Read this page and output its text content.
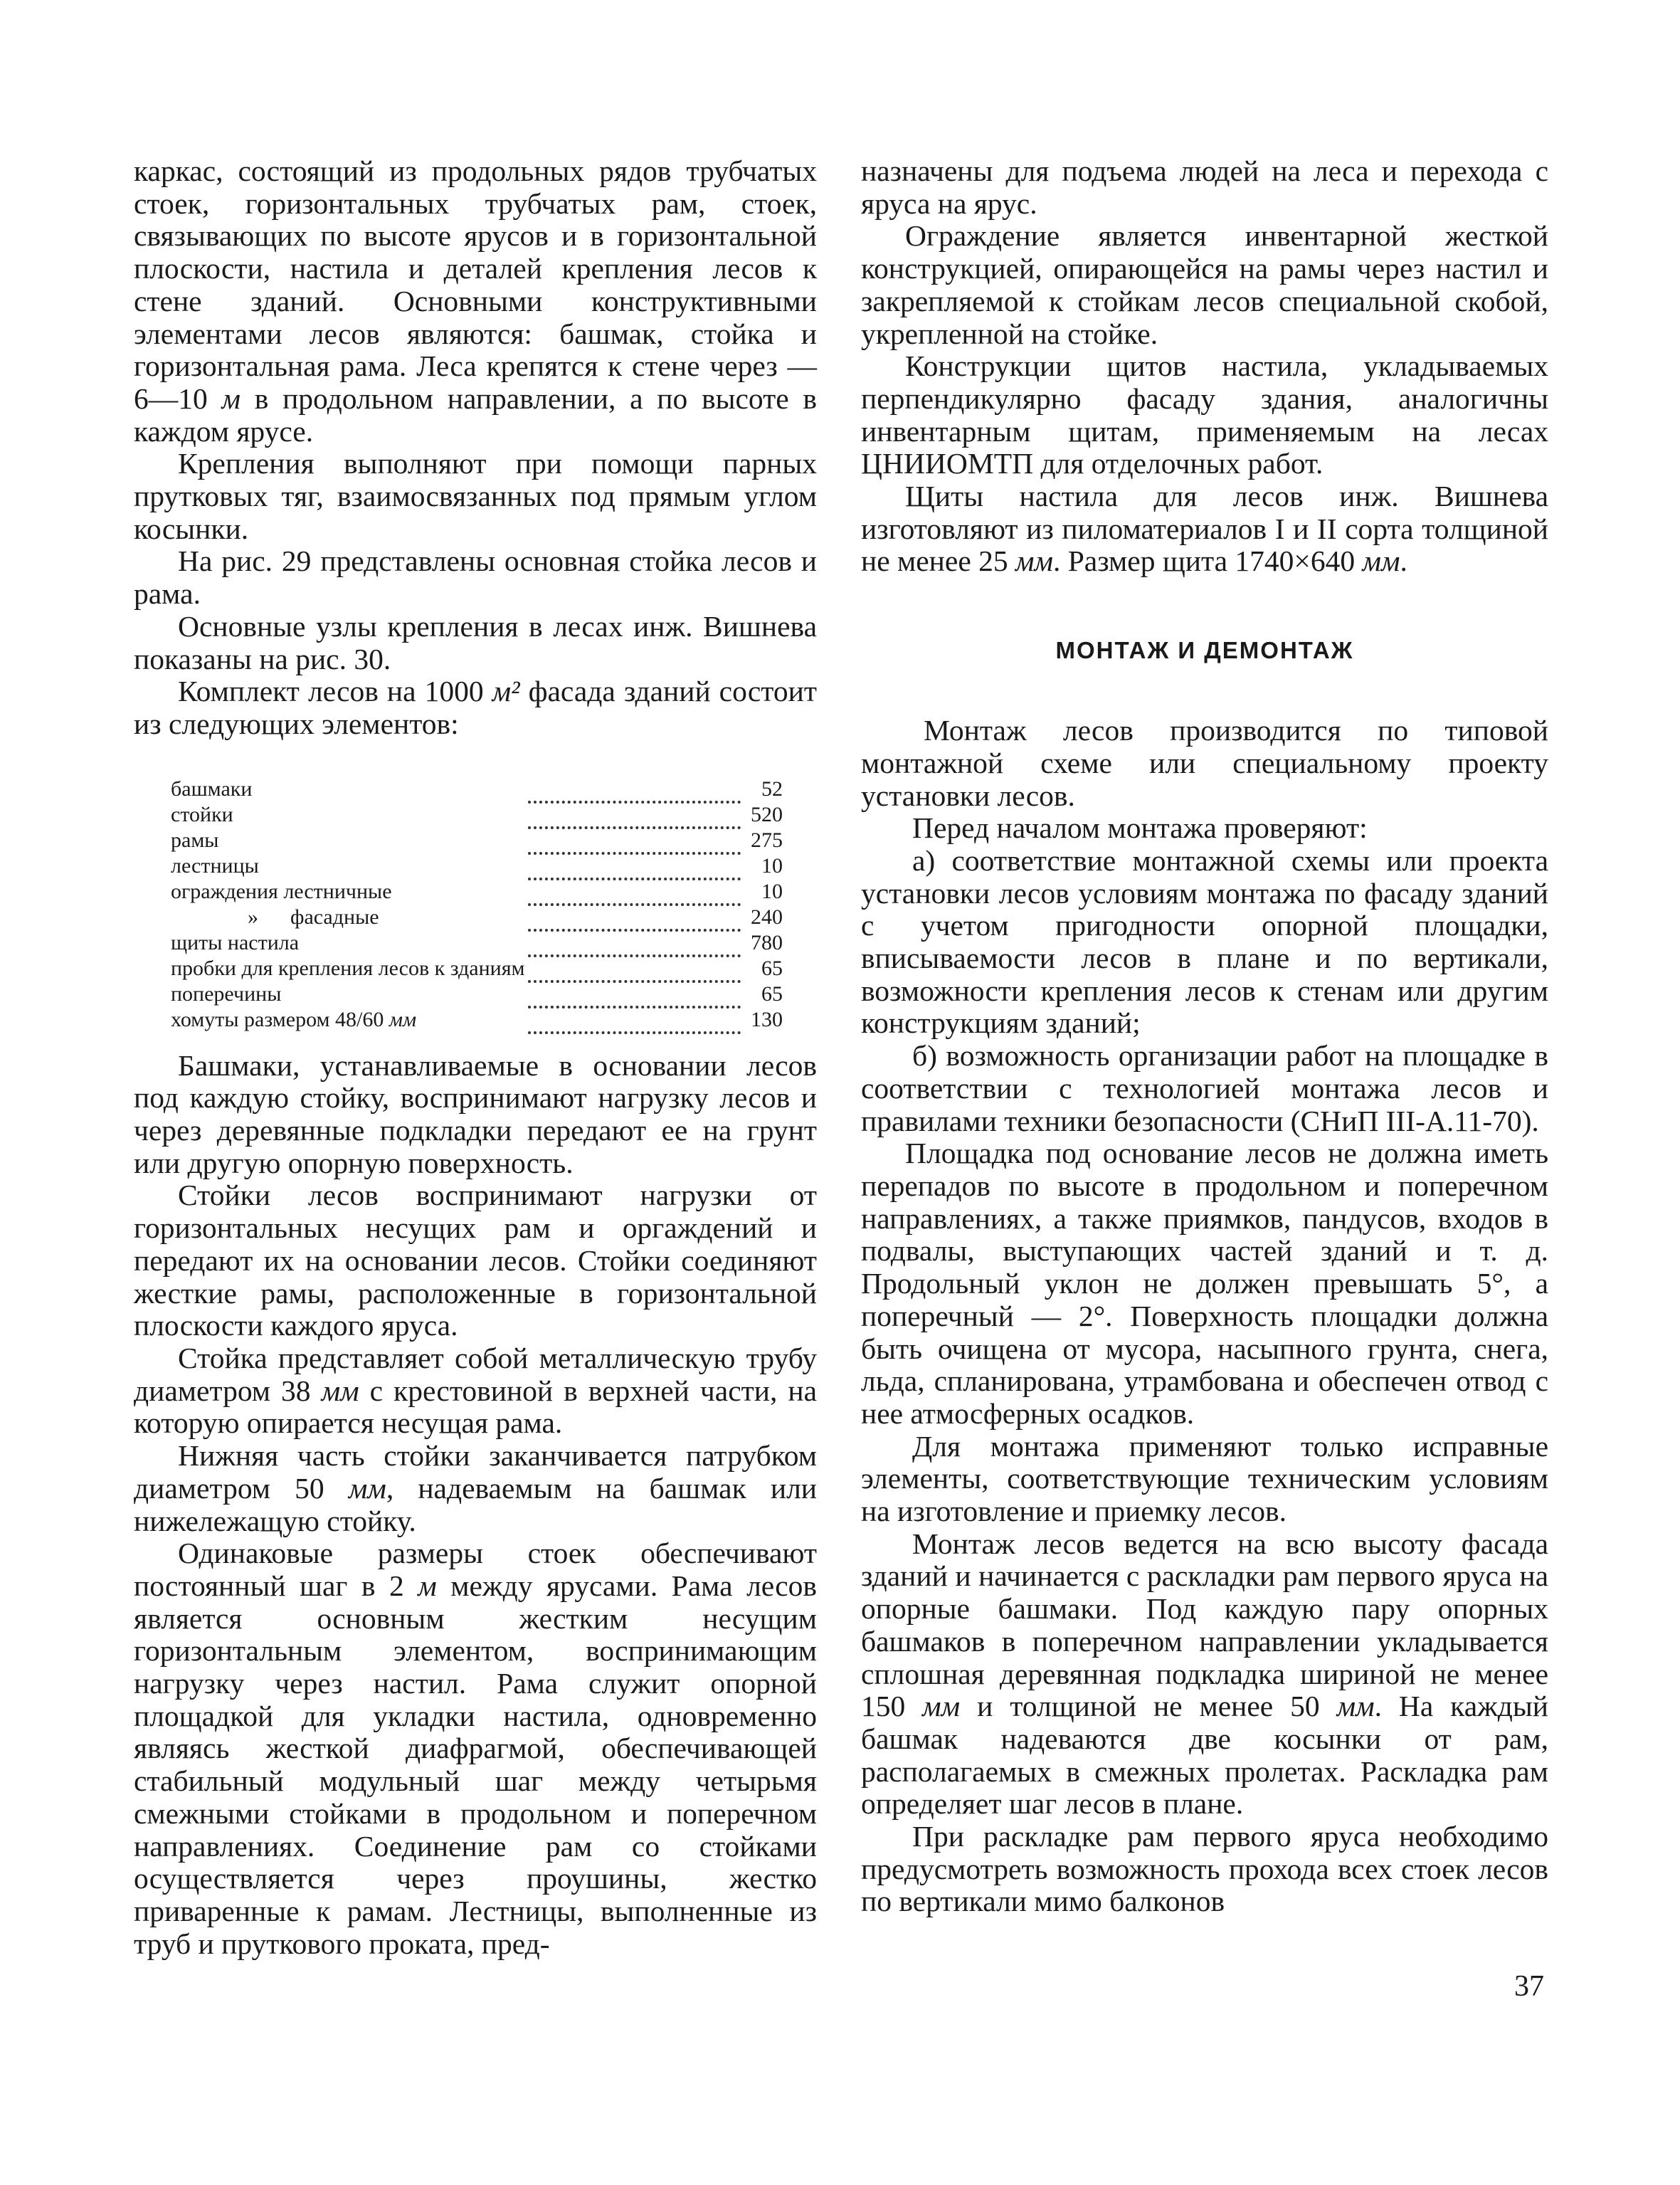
каркас, состоящий из продольных рядов трубчатых стоек, горизонтальных трубчатых рам, стоек, связывающих по высоте ярусов и в горизонтальной плоскости, настила и деталей крепления лесов к стене зданий. Основными конструктивными элементами лесов являются: башмак, стойка и горизонтальная рама. Леса крепятся к стене через — 6—10 м в продольном направлении, а по высоте в каждом ярусе.

Крепления выполняют при помощи парных прутковых тяг, взаимосвязанных под прямым углом косынки.

На рис. 29 представлены основная стойка лесов и рама.

Основные узлы крепления в лесах инж. Вишнева показаны на рис. 30.

Комплект лесов на 1000 м² фасада зданий состоит из следующих элементов:

башмаки		52
стойки		520
рамы		275
лестницы		10
ограждения лестничные		10
» фасадные		240
щиты настила		780
пробки для крепления лесов к зданиям		65
поперечины		65
хомуты размером 48/60 мм		130

Башмаки, устанавливаемые в основании лесов под каждую стойку, воспринимают нагрузку лесов и через деревянные подкладки передают ее на грунт или другую опорную поверхность.

Стойки лесов воспринимают нагрузки от горизонтальных несущих рам и оргаждений и передают их на основании лесов. Стойки соединяют жесткие рамы, расположенные в горизонтальной плоскости каждого яруса.

Стойка представляет собой металлическую трубу диаметром 38 мм с крестовиной в верхней части, на которую опирается несущая рама.

Нижняя часть стойки заканчивается патрубком диаметром 50 мм, надеваемым на башмак или нижележащую стойку.

Одинаковые размеры стоек обеспечивают постоянный шаг в 2 м между ярусами. Рама лесов является основным жестким несущим горизонтальным элементом, воспринимающим нагрузку через настил. Рама служит опорной площадкой для укладки настила, одновременно являясь жесткой диафрагмой, обеспечивающей стабильный модульный шаг между четырьмя смежными стойками в продольном и поперечном направлениях. Соединение рам со стойками осуществляется через проушины, жестко приваренные к рамам. Лестницы, выполненные из труб и пруткового проката, пред-

назначены для подъема людей на леса и перехода с яруса на ярус.

Ограждение является инвентарной жесткой конструкцией, опирающейся на рамы через настил и закрепляемой к стойкам лесов специальной скобой, укрепленной на стойке.

Конструкции щитов настила, укладываемых перпендикулярно фасаду здания, аналогичны инвентарным щитам, применяемым на лесах ЦНИИОМТП для отделочных работ.

Щиты настила для лесов инж. Вишнева изготовляют из пиломатериалов I и II сорта толщиной не менее 25 мм. Размер щита 1740×640 мм.

МОНТАЖ И ДЕМОНТАЖ

Монтаж лесов производится по типовой монтажной схеме или специальному проекту установки лесов.

Перед началом монтажа проверяют:

а) соответствие монтажной схемы или проекта установки лесов условиям монтажа по фасаду зданий с учетом пригодности опорной площадки, вписываемости лесов в плане и по вертикали, возможности крепления лесов к стенам или другим конструкциям зданий;

б) возможность организации работ на площадке в соответствии с технологией монтажа лесов и правилами техники безопасности (СНиП III-А.11-70).

Площадка под основание лесов не должна иметь перепадов по высоте в продольном и поперечном направлениях, а также приямков, пандусов, входов в подвалы, выступающих частей зданий и т. д. Продольный уклон не должен превышать 5°, а поперечный — 2°. Поверхность площадки должна быть очищена от мусора, насыпного грунта, снега, льда, спланирована, утрамбована и обеспечен отвод с нее атмосферных осадков.

Для монтажа применяют только исправные элементы, соответствующие техническим условиям на изготовление и приемку лесов.

Монтаж лесов ведется на всю высоту фасада зданий и начинается с раскладки рам первого яруса на опорные башмаки. Под каждую пару опорных башмаков в поперечном направлении укладывается сплошная деревянная подкладка шириной не менее 150 мм и толщиной не менее 50 мм. На каждый башмак надеваются две косынки от рам, располагаемых в смежных пролетах. Раскладка рам определяет шаг лесов в плане.

При раскладке рам первого яруса необходимо предусмотреть возможность прохода всех стоек лесов по вертикали мимо балконов

37
